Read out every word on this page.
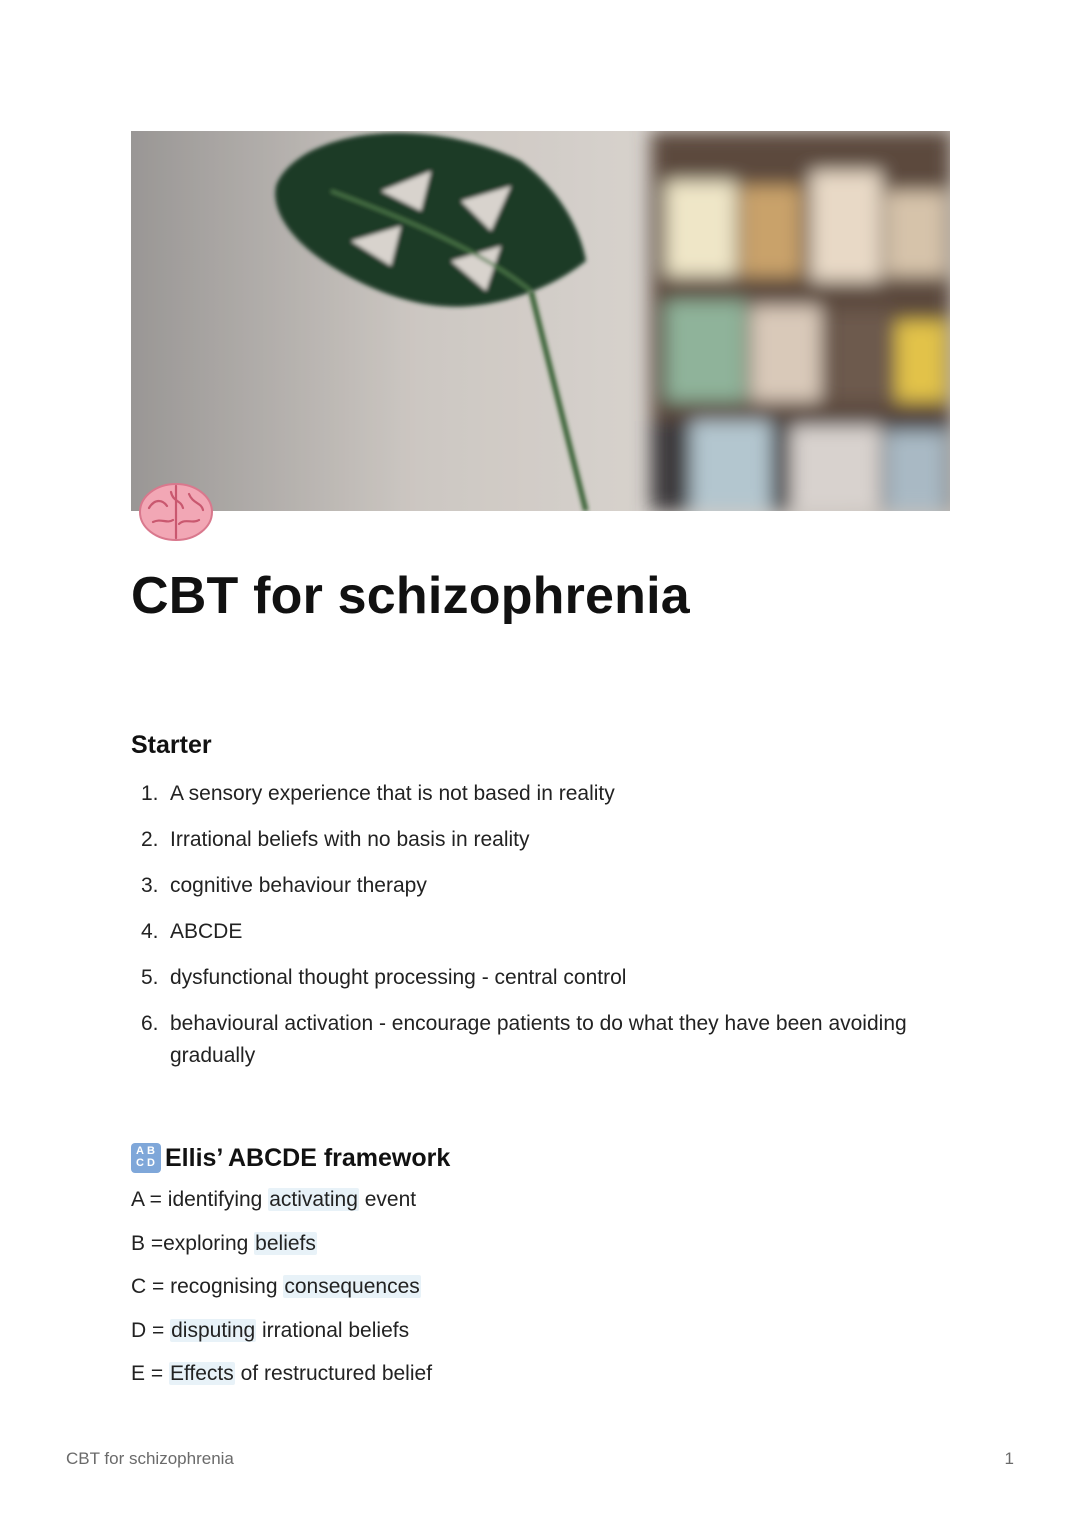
CBT for schizophrenia
Starter
1. A sensory experience that is not based in reality
2. Irrational beliefs with no basis in reality
3. cognitive behaviour therapy
4. ABCDE
5. dysfunctional thought processing - central control
6. behavioural activation - encourage patients to do what they have been avoiding gradually
A B
C D Ellis’ ABCDE framework
A = identifying activating event
B =exploring beliefs
C = recognising consequences
D = disputing irrational beliefs
E = Effects of restructured belief
CBT for schizophrenia	1
